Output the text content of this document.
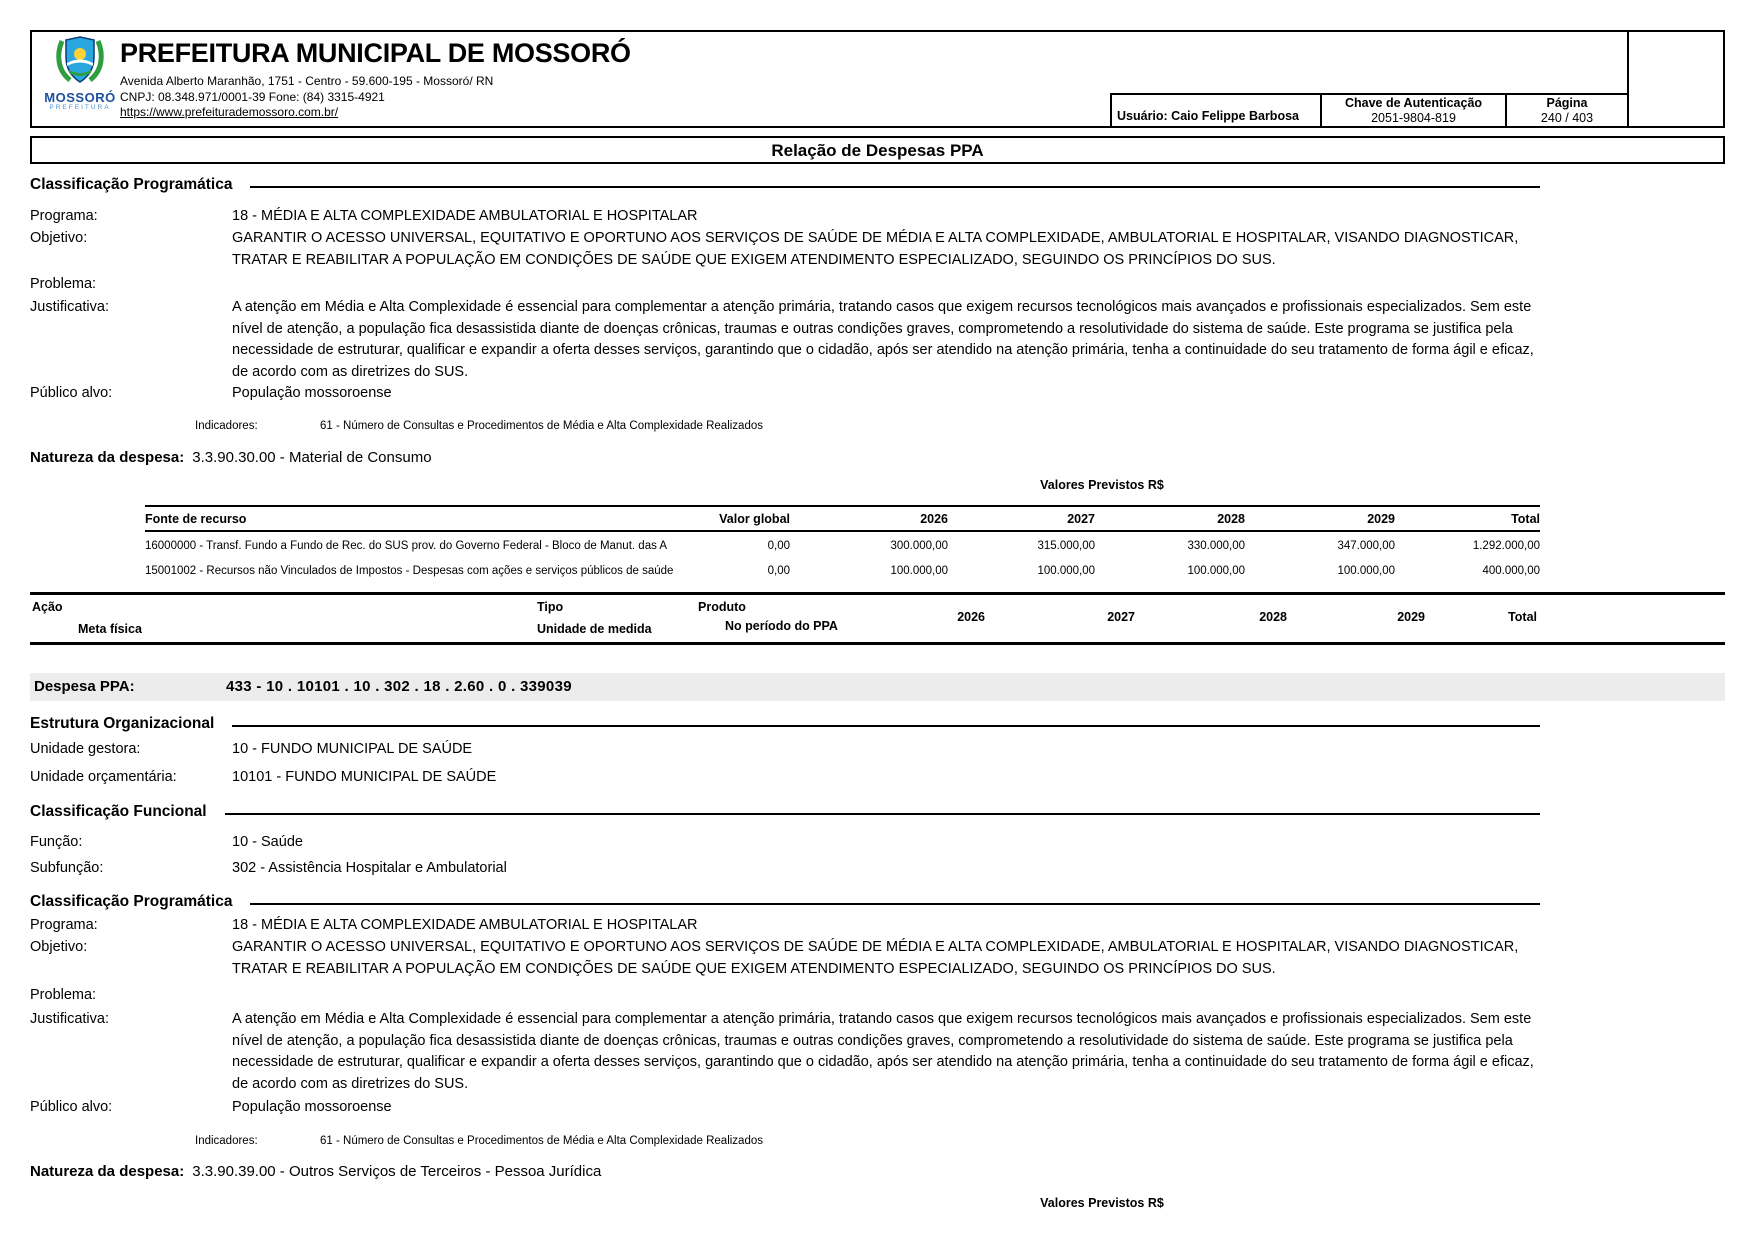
MOSSORÓ
PREFEITURA
PREFEITURA MUNICIPAL DE MOSSORÓ
Avenida Alberto Maranhão, 1751 - Centro - 59.600-195 - Mossoró/ RN
CNPJ: 08.348.971/0001-39 Fone: (84) 3315-4921
https://www.prefeiturademossoro.com.br/	Usuário: Caio Felippe Barbosa
Chave de Autenticação
2051-9804-819
Página
240 / 403
Relação de Despesas PPA
Classificação Programática
Programa:	18 - MÉDIA E ALTA COMPLEXIDADE AMBULATORIAL E HOSPITALAR
Objetivo:	GARANTIR O ACESSO UNIVERSAL, EQUITATIVO E OPORTUNO AOS SERVIÇOS DE SAÚDE DE MÉDIA E ALTA COMPLEXIDADE, AMBULATORIAL E HOSPITALAR, VISANDO DIAGNOSTICAR, TRATAR E REABILITAR A POPULAÇÃO EM CONDIÇÕES DE SAÚDE QUE EXIGEM ATENDIMENTO ESPECIALIZADO, SEGUINDO OS PRINCÍPIOS DO SUS.
Problema:
Justificativa:	A atenção em Média e Alta Complexidade é essencial para complementar a atenção primária, tratando casos que exigem recursos tecnológicos mais avançados e profissionais especializados. Sem este nível de atenção, a população fica desassistida diante de doenças crônicas, traumas e outras condições graves, comprometendo a resolutividade do sistema de saúde. Este programa se justifica pela necessidade de estruturar, qualificar e expandir a oferta desses serviços, garantindo que o cidadão, após ser atendido na atenção primária, tenha a continuidade do seu tratamento de forma ágil e eficaz, de acordo com as diretrizes do SUS.
Público alvo:	População mossoroense
Indicadores:	61 - Número de Consultas e Procedimentos de Média e Alta Complexidade Realizados
Natureza da despesa: 3.3.90.30.00 - Material de Consumo
Valores Previstos R$
Fonte de recurso	Valor global	2026	2027	2028	2029	Total
16000000 - Transf. Fundo a Fundo de Rec. do SUS prov. do Governo Federal - Bloco de Manut. das A	0,00	300.000,00	315.000,00	330.000,00	347.000,00	1.292.000,00
15001002 - Recursos não Vinculados de Impostos - Despesas com ações e serviços públicos de saúde	0,00	100.000,00	100.000,00	100.000,00	100.000,00	400.000,00
Ação	Tipo	Produto
Meta física	Unidade de medida	No período do PPA
2026	2027	2028	2029	Total
Despesa PPA:	433 - 10 . 10101 . 10 . 302 . 18 . 2.60 . 0 . 339039
Estrutura Organizacional
Unidade gestora:	10 - FUNDO MUNICIPAL DE SAÚDE
Unidade orçamentária:	10101 - FUNDO MUNICIPAL DE SAÚDE
Classificação Funcional
Função:	10 - Saúde
Subfunção:	302 - Assistência Hospitalar e Ambulatorial
Classificação Programática
Programa:	18 - MÉDIA E ALTA COMPLEXIDADE AMBULATORIAL E HOSPITALAR
Objetivo:	GARANTIR O ACESSO UNIVERSAL, EQUITATIVO E OPORTUNO AOS SERVIÇOS DE SAÚDE DE MÉDIA E ALTA COMPLEXIDADE, AMBULATORIAL E HOSPITALAR, VISANDO DIAGNOSTICAR, TRATAR E REABILITAR A POPULAÇÃO EM CONDIÇÕES DE SAÚDE QUE EXIGEM ATENDIMENTO ESPECIALIZADO, SEGUINDO OS PRINCÍPIOS DO SUS.
Problema:
Justificativa:	A atenção em Média e Alta Complexidade é essencial para complementar a atenção primária, tratando casos que exigem recursos tecnológicos mais avançados e profissionais especializados. Sem este nível de atenção, a população fica desassistida diante de doenças crônicas, traumas e outras condições graves, comprometendo a resolutividade do sistema de saúde. Este programa se justifica pela necessidade de estruturar, qualificar e expandir a oferta desses serviços, garantindo que o cidadão, após ser atendido na atenção primária, tenha a continuidade do seu tratamento de forma ágil e eficaz, de acordo com as diretrizes do SUS.
Público alvo:	População mossoroense
Indicadores:	61 - Número de Consultas e Procedimentos de Média e Alta Complexidade Realizados
Natureza da despesa: 3.3.90.39.00 - Outros Serviços de Terceiros - Pessoa Jurídica
Valores Previstos R$
